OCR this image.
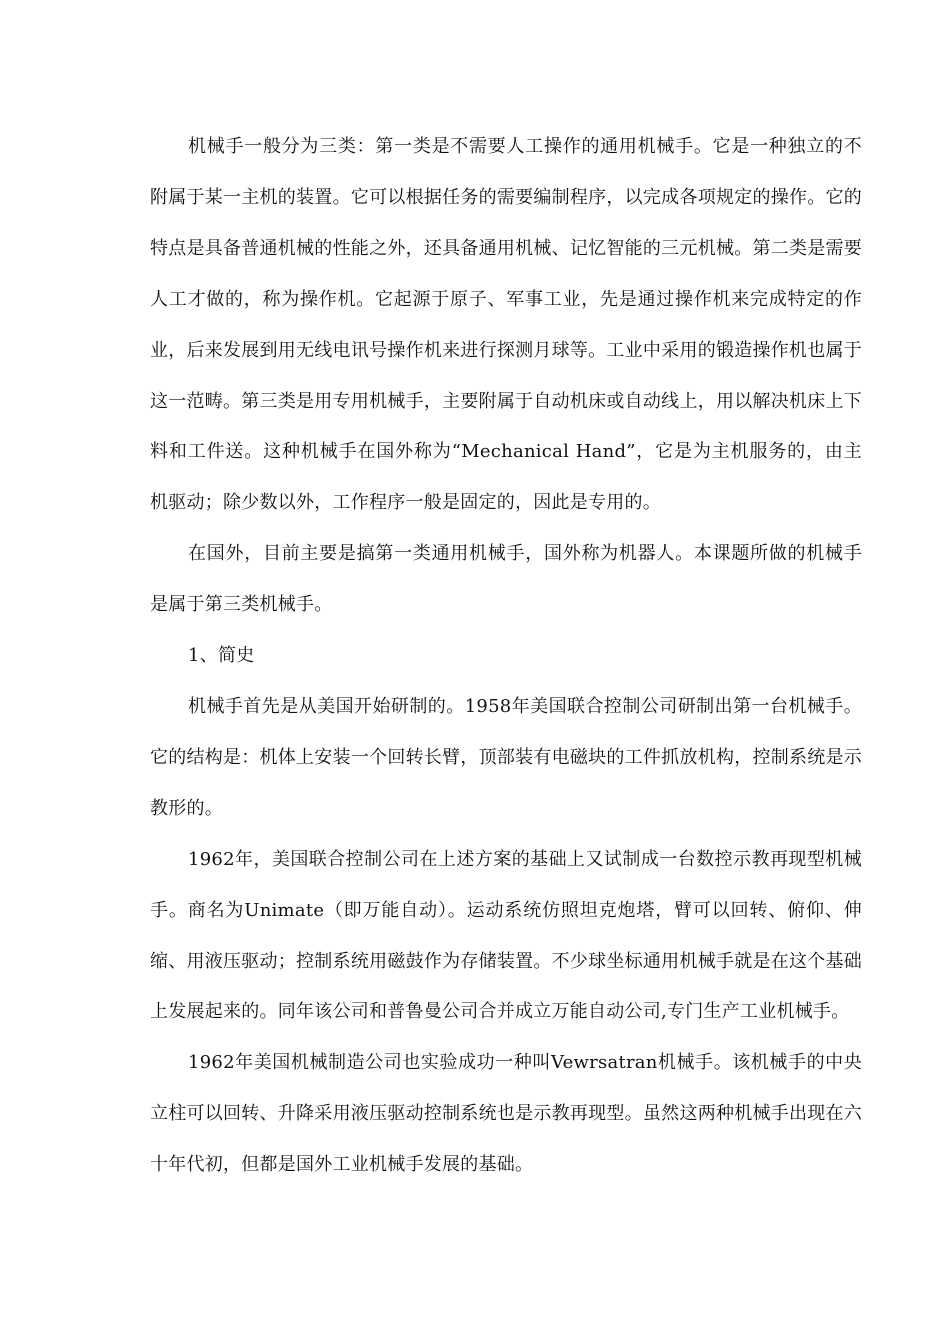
机械手一般分为三类：第一类是不需要人工操作的通用机械手。它是一种独立的不附属于某一主机的装置。它可以根据任务的需要编制程序，以完成各项规定的操作。它的特点是具备普通机械的性能之外，还具备通用机械、记忆智能的三元机械。第二类是需要人工才做的，称为操作机。它起源于原子、军事工业，先是通过操作机来完成特定的作业，后来发展到用无线电讯号操作机来进行探测月球等。工业中采用的锻造操作机也属于这一范畴。第三类是用专用机械手，主要附属于自动机床或自动线上，用以解决机床上下料和工件送。这种机械手在国外称为“Mechanical Hand”，它是为主机服务的，由主机驱动；除少数以外，工作程序一般是固定的，因此是专用的。

在国外，目前主要是搞第一类通用机械手，国外称为机器人。本课题所做的机械手是属于第三类机械手。

1、简史

机械手首先是从美国开始研制的。1958年美国联合控制公司研制出第一台机械手。它的结构是：机体上安装一个回转长臂，顶部装有电磁块的工件抓放机构，控制系统是示教形的。

1962年，美国联合控制公司在上述方案的基础上又试制成一台数控示教再现型机械手。商名为Unimate（即万能自动）。运动系统仿照坦克炮塔，臂可以回转、俯仰、伸缩、用液压驱动；控制系统用磁鼓作为存储装置。不少球坐标通用机械手就是在这个基础上发展起来的。同年该公司和普鲁曼公司合并成立万能自动公司,专门生产工业机械手。

1962年美国机械制造公司也实验成功一种叫Vewrsatran机械手。该机械手的中央立柱可以回转、升降采用液压驱动控制系统也是示教再现型。虽然这两种机械手出现在六十年代初，但都是国外工业机械手发展的基础。
